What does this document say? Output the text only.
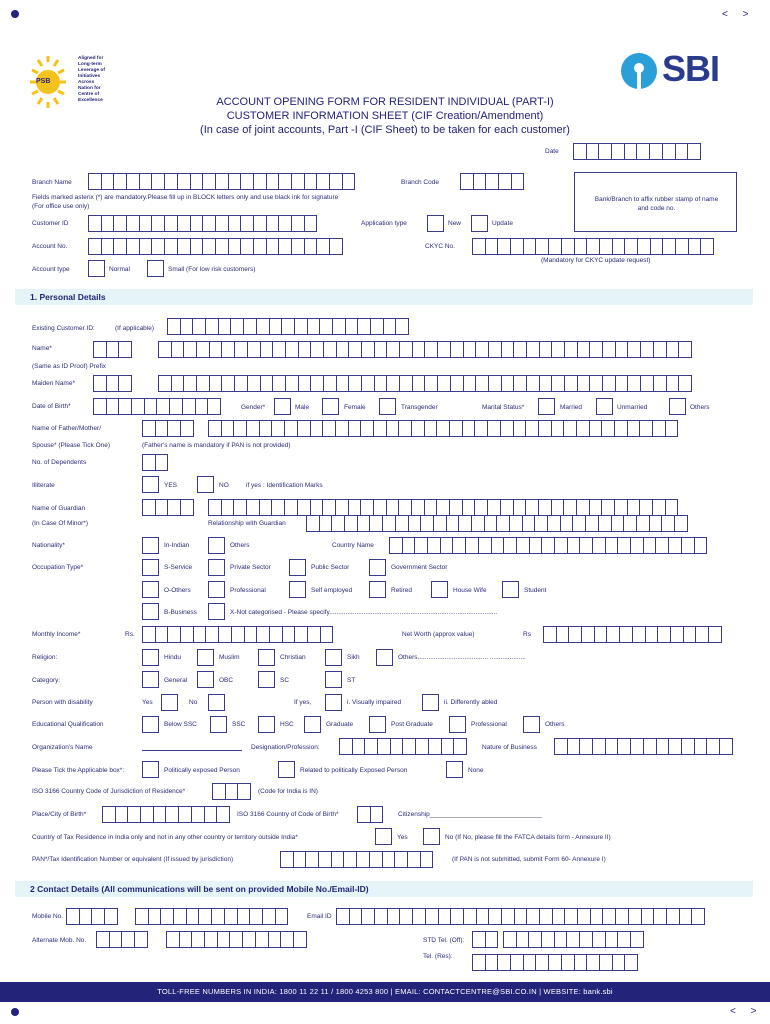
< >
PSB
Aligned for
Long-term
Leverage of
Initiatives
Across
Nation for
Centre of
Excellence
SBI
ACCOUNT OPENING FORM FOR RESIDENT INDIVIDUAL (PART-I)
CUSTOMER INFORMATION SHEET (CIF Creation/Amendment)
(In case of joint accounts, Part -I (CIF Sheet) to be taken for each customer)
Date
Branch Name	Branch Code
Bank/Branch to affix rubber stamp of name and code no.
Fields marked asterix (*) are mandatory.Please fill up in BLOCK letters only and use black ink for signature
(For office use only)
Customer ID	Application type	New	Update
Account No.	CKYC No.
(Mandatory for CKYC update request)
Account type	Normal	Small (For low risk customers)
1. Personal Details
Existing Customer ID:	(If applicable)
Name*
(Same as ID Proof) Prefix
Maiden Name*
Date of Birth*	Gender*	Male	Female	Transgender	Marital Status*	Married	Unmarried	Others
Name of Father/Mother/
Spouse* (Please Tick One)	(Father's name is mandatory if PAN is not provided)
No. of Dependents
Illiterate	YES	NO	if yes : Identification Marks
Name of Guardian
(In Case Of Minor*)	Relationship with Guardian
Nationality*	In-Indian	Others	Country Name
Occupation Type*	S-Service	Private Sector	Public Sector	Government Sector
O-Others	Professional	Self employed	Retired	House Wife	Student
B-Business	X-Not categorised - Please specify.............................................................................................
Monthly Income*	Rs.	Net Worth (approx value)	Rs
Religion:	Hindu	Muslim	Christian	Sikh	Others....................................... ....................
Category:	General	OBC	SC	ST
Person with disability	Yes	No	If yes,	i. Visually impaired	ii. Differently abled
Educational Qualification	Below SSC	SSC	HSC	Graduate	Post Graduate	Professional	Others
Organization's Name	Designation/Profession:	Nature of Business
Please Tick the Applicable box*:	Politically exposed Person	Related to politically Exposed Person	None
ISO 3166 Country Code of Jurisdiction of Residence*	(Code for India is IN)
Place/City of Birth*	ISO 3166 Country of Code of Birth*	Citizenship_______________________________
Country of Tax Residence in India only and not in any other country or territory outside India*	Yes	No (If No, please fill the FATCA details form - Annexure II)
PAN*/Tax Identification Number or equivalent (If issued by jurisdiction)	(If PAN is not submitted, submit Form 60- Annexure I)
2 Contact Details (All communications will be sent on provided Mobile No./Email-ID)
Mobile No.	Email ID
Alternate Mob. No.	STD Tel. (Off):
Tel. (Res):
TOLL-FREE NUMBERS IN INDIA: 1800 11 22 11 / 1800 4253 800 | EMAIL: CONTACTCENTRE@SBI.CO.IN | WEBSITE: bank.sbi
< >
